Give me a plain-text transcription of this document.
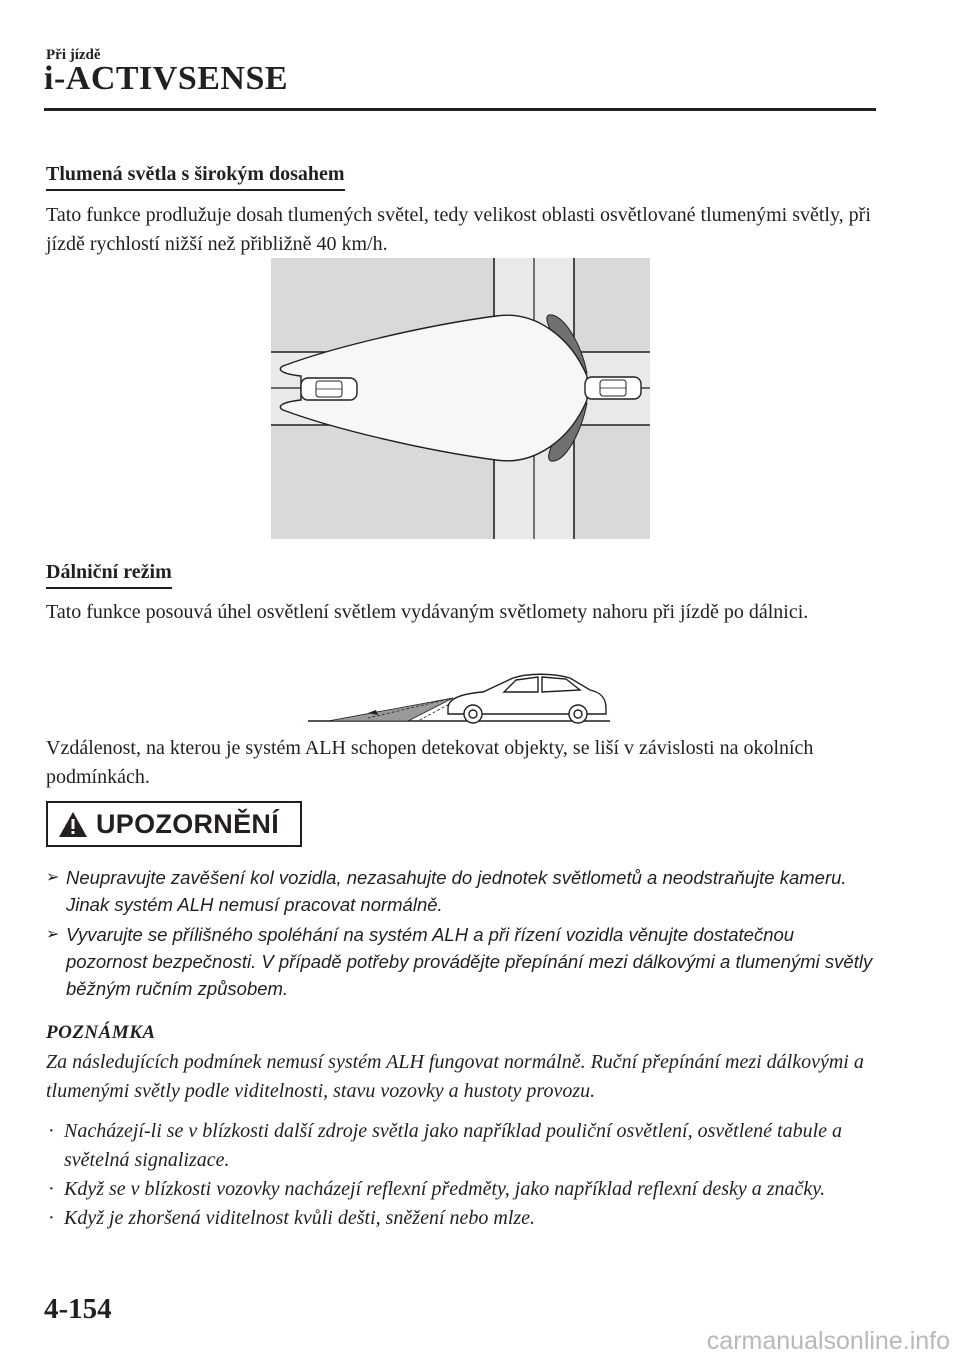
Při jízdě
i-ACTIVSENSE
Tlumená světla s širokým dosahem
Tato funkce prodlužuje dosah tlumených světel, tedy velikost oblasti osvětlované tlumenými světly, při jízdě rychlostí nižší než přibližně 40 km/h.
Dálniční režim
Tato funkce posouvá úhel osvětlení světlem vydávaným světlomety nahoru při jízdě po dálnici.
Vzdálenost, na kterou je systém ALH schopen detekovat objekty, se liší v závislosti na okolních podmínkách.
UPOZORNĚNÍ
➢ Neupravujte zavěšení kol vozidla, nezasahujte do jednotek světlometů a neodstraňujte kameru. Jinak systém ALH nemusí pracovat normálně.
➢ Vyvarujte se přílišného spoléhání na systém ALH a při řízení vozidla věnujte dostatečnou pozornost bezpečnosti. V případě potřeby provádějte přepínání mezi dálkovými a tlumenými světly běžným ručním způsobem.
POZNÁMKA
Za následujících podmínek nemusí systém ALH fungovat normálně. Ruční přepínání mezi dálkovými a tlumenými světly podle viditelnosti, stavu vozovky a hustoty provozu.
· Nacházejí-li se v blízkosti další zdroje světla jako například pouliční osvětlení, osvětlené tabule a světelná signalizace.
· Když se v blízkosti vozovky nacházejí reflexní předměty, jako například reflexní desky a značky.
· Když je zhoršená viditelnost kvůli dešti, sněžení nebo mlze.
4-154
carmanualsonline.info
